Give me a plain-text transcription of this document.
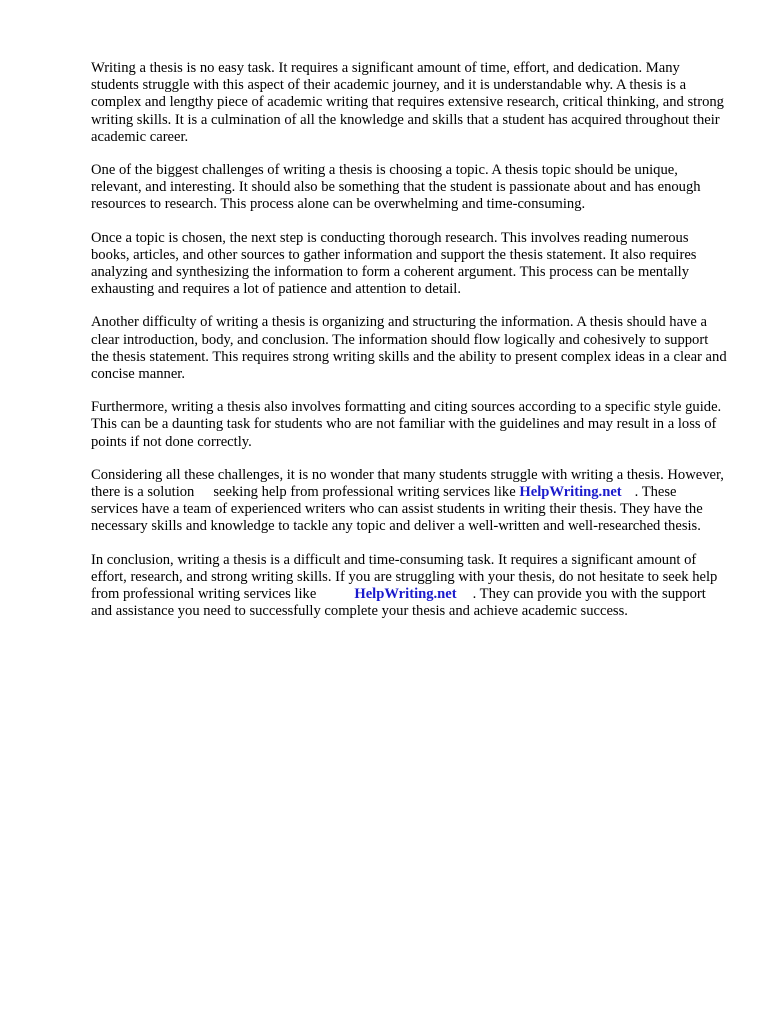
Writing a thesis is no easy task. It requires a significant amount of time, effort, and dedication. Many students struggle with this aspect of their academic journey, and it is understandable why. A thesis is a complex and lengthy piece of academic writing that requires extensive research, critical thinking, and strong writing skills. It is a culmination of all the knowledge and skills that a student has acquired throughout their academic career.

One of the biggest challenges of writing a thesis is choosing a topic. A thesis topic should be unique, relevant, and interesting. It should also be something that the student is passionate about and has enough resources to research. This process alone can be overwhelming and time-consuming.

Once a topic is chosen, the next step is conducting thorough research. This involves reading numerous books, articles, and other sources to gather information and support the thesis statement. It also requires analyzing and synthesizing the information to form a coherent argument. This process can be mentally exhausting and requires a lot of patience and attention to detail.

Another difficulty of writing a thesis is organizing and structuring the information. A thesis should have a clear introduction, body, and conclusion. The information should flow logically and cohesively to support the thesis statement. This requires strong writing skills and the ability to present complex ideas in a clear and concise manner.

Furthermore, writing a thesis also involves formatting and citing sources according to a specific style guide. This can be a daunting task for students who are not familiar with the guidelines and may result in a loss of points if not done correctly.

Considering all these challenges, it is no wonder that many students struggle with writing a thesis. However, there is a solution seeking help from professional writing services like HelpWriting.net . These services have a team of experienced writers who can assist students in writing their thesis. They have the necessary skills and knowledge to tackle any topic and deliver a well-written and well-researched thesis.

In conclusion, writing a thesis is a difficult and time-consuming task. It requires a significant amount of effort, research, and strong writing skills. If you are struggling with your thesis, do not hesitate to seek help from professional writing services like	HelpWriting.net . They can provide you with the support and assistance you need to successfully complete your thesis and achieve academic success.
